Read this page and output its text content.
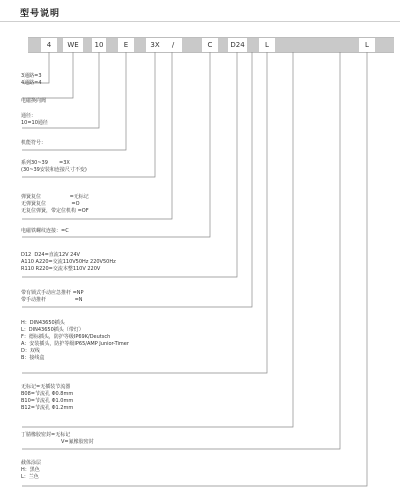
型号说明
4	WE	10	E	3X	/	C	D24	L	L
3通路=3
4通路=4
电磁换向阀
通径：
10=10通径
机能符号：
系列30~39       =3X
(30~39安装和连接尺寸不变)
弹簧复位                  =无标记
无弹簧复位                =O
无复位弹簧，带定位机构 =OF
电磁铁螺纹连接：=C
D12  D24=直流12V 24V
A110 A220=交流110V50Hz 220V50Hz
R110 R220=交流本整110V 220V
带有锁式手动应急推杆 =NP
带手动推杆                  =N
H：DIN43650插头
L：DIN43650插头（带灯）
F：德标插头，防护等级IP69K/Deutsch
A：安装插头，防护等级IP65/AMP Junior-Timer
D：双线
B：接线盒
无标记=无插装节流器
B08=节流孔 Φ0.8mm
B10=节流孔 Φ1.0mm
B12=节流孔 Φ1.2mm
丁腈橡胶密封=无标记
V=氟橡胶密封
截体涂层
H：黑色
L：兰色
